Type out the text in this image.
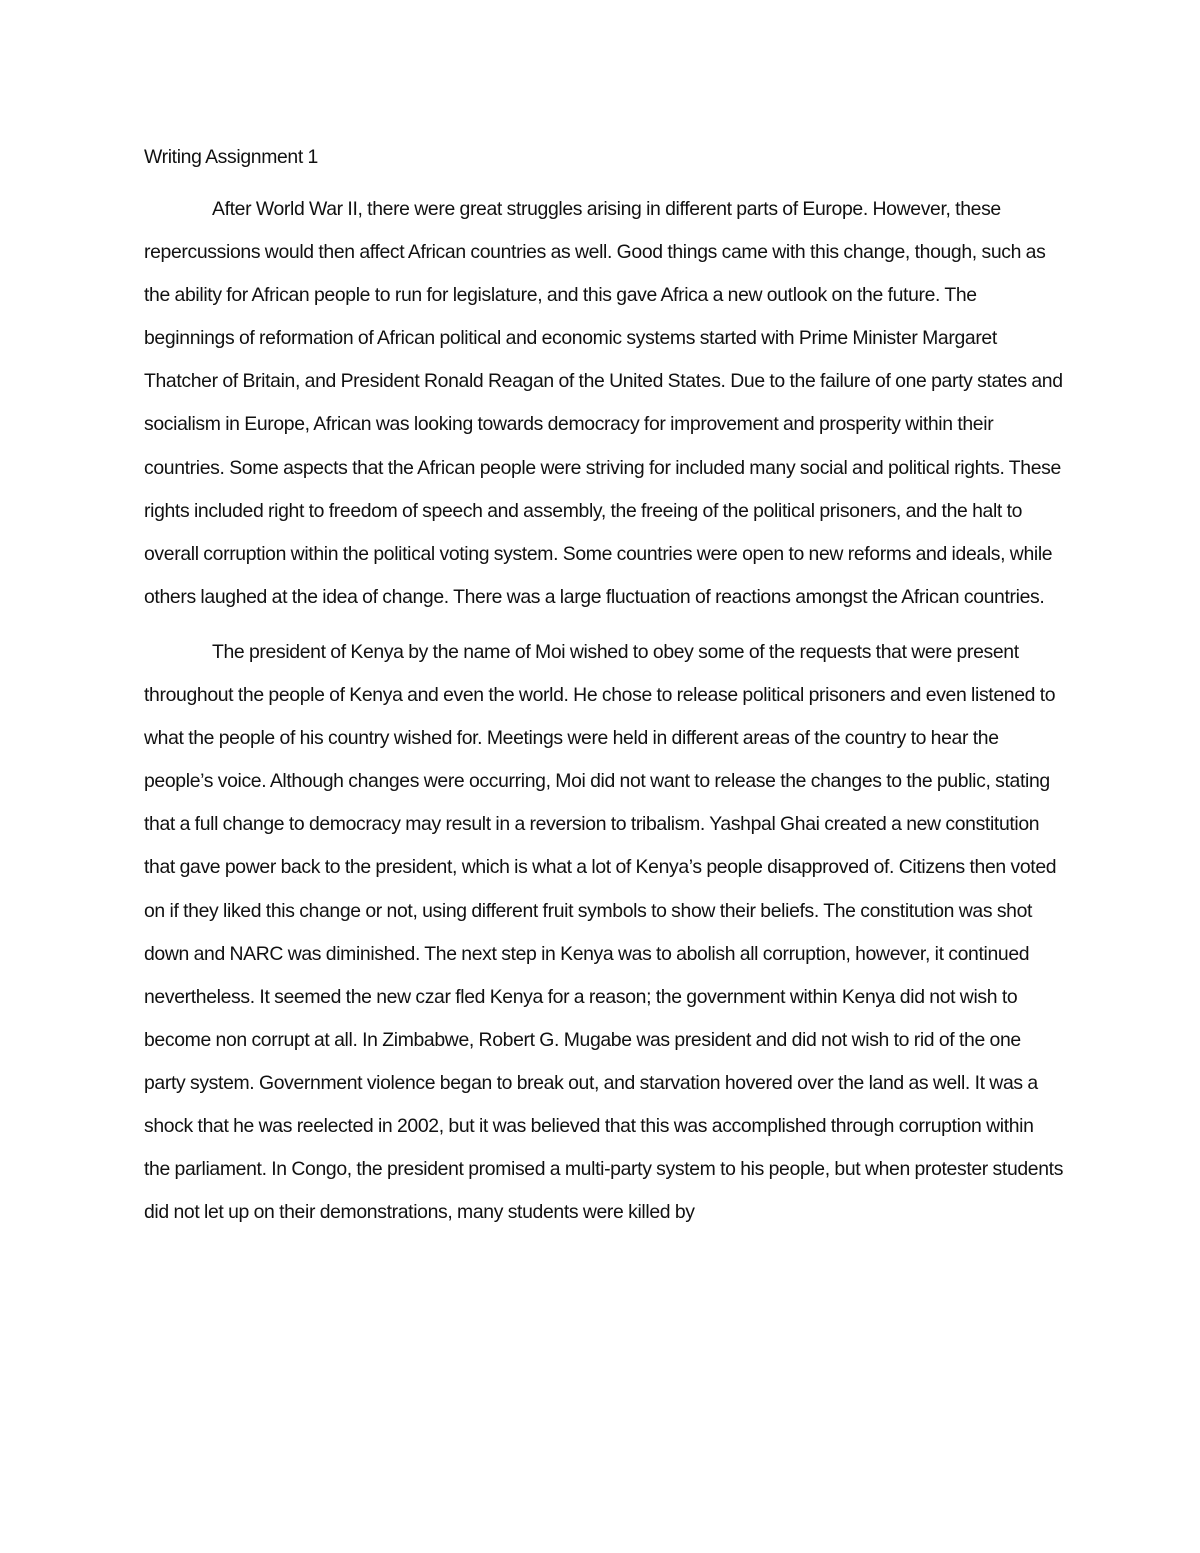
Writing Assignment 1

After World War II, there were great struggles arising in different parts of Europe. However, these repercussions would then affect African countries as well. Good things came with this change, though, such as the ability for African people to run for legislature, and this gave Africa a new outlook on the future. The beginnings of reformation of African political and economic systems started with Prime Minister Margaret Thatcher of Britain, and President Ronald Reagan of the United States. Due to the failure of one party states and socialism in Europe, African was looking towards democracy for improvement and prosperity within their countries. Some aspects that the African people were striving for included many social and political rights. These rights included right to freedom of speech and assembly, the freeing of the political prisoners, and the halt to overall corruption within the political voting system. Some countries were open to new reforms and ideals, while others laughed at the idea of change. There was a large fluctuation of reactions amongst the African countries.

The president of Kenya by the name of Moi wished to obey some of the requests that were present throughout the people of Kenya and even the world. He chose to release political prisoners and even listened to what the people of his country wished for. Meetings were held in different areas of the country to hear the people’s voice. Although changes were occurring, Moi did not want to release the changes to the public, stating that a full change to democracy may result in a reversion to tribalism. Yashpal Ghai created a new constitution that gave power back to the president, which is what a lot of Kenya’s people disapproved of. Citizens then voted on if they liked this change or not, using different fruit symbols to show their beliefs. The constitution was shot down and NARC was diminished. The next step in Kenya was to abolish all corruption, however, it continued nevertheless. It seemed the new czar fled Kenya for a reason; the government within Kenya did not wish to become non corrupt at all. In Zimbabwe, Robert G. Mugabe was president and did not wish to rid of the one party system. Government violence began to break out, and starvation hovered over the land as well. It was a shock that he was reelected in 2002, but it was believed that this was accomplished through corruption within the parliament. In Congo, the president promised a multi-party system to his people, but when protester students did not let up on their demonstrations, many students were killed by
